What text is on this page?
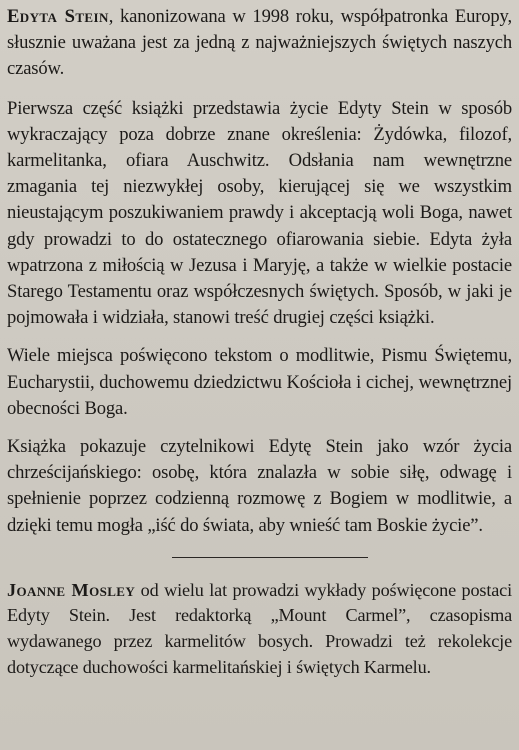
Edyta Stein, kanonizowana w 1998 roku, współpatronka Europy, słusznie uważana jest za jedną z najważniejszych świętych naszych czasów.

Pierwsza część książki przedstawia życie Edyty Stein w sposób wykraczający poza dobrze znane określenia: Żydówka, filozof, karmelitanka, ofiara Auschwitz. Odsłania nam wewnętrzne zmagania tej niezwykłej osoby, kierującej się we wszystkim nieustającym poszukiwaniem prawdy i akceptacją woli Boga, nawet gdy prowadzi to do ostatecznego ofiarowania siebie. Edyta żyła wpatrzona z miłością w Jezusa i Maryję, a także w wielkie postacie Starego Testamentu oraz współczesnych świętych. Sposób, w jaki je pojmowała i widziała, stanowi treść drugiej części książki.

Wiele miejsca poświęcono tekstom o modlitwie, Pismu Świętemu, Eucharystii, duchowemu dziedzictwu Kościoła i cichej, wewnętrznej obecności Boga.

Książka pokazuje czytelnikowi Edytę Stein jako wzór życia chrześcijańskiego: osobę, która znalazła w sobie siłę, odwagę i spełnienie poprzez codzienną rozmowę z Bogiem w modlitwie, a dzięki temu mogła „iść do świata, aby wnieść tam Boskie życie”.

Joanne Mosley od wielu lat prowadzi wykłady poświęcone postaci Edyty Stein. Jest redaktorką „Mount Carmel”, czasopisma wydawanego przez karmelitów bosych. Prowadzi też rekolekcje dotyczące duchowości karmelitańskiej i świętych Karmelu.
